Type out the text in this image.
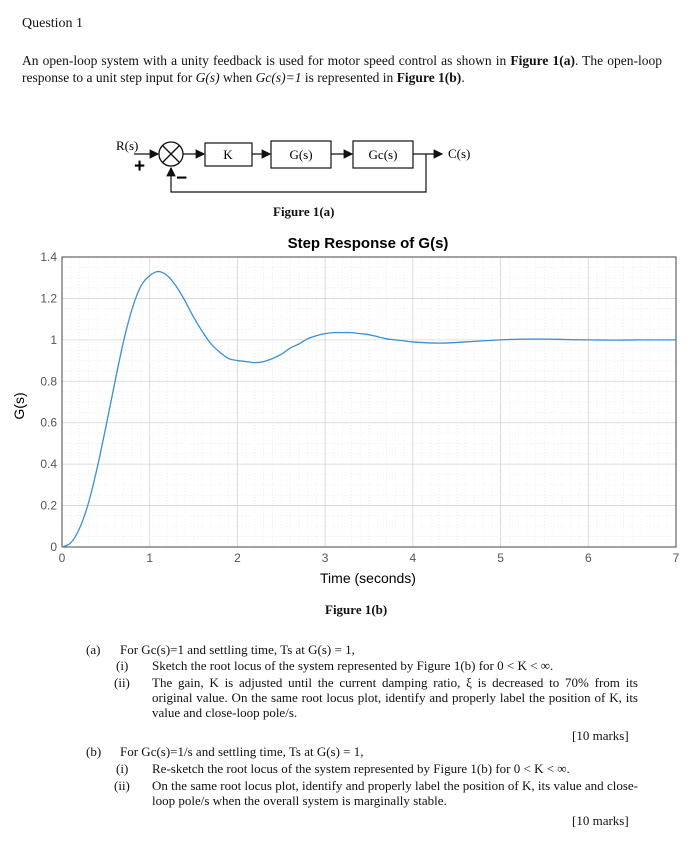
Question 1
An open-loop system with a unity feedback is used for motor speed control as shown in Figure 1(a). The open-loop response to a unit step input for G(s) when Gc(s)=1 is represented in Figure 1(b).
R(s)
+
−
K	G(s)	Gc(s)	C(s)
Figure 1(a)
Step Response of G(s)
0	1	2	3	4	5	6	7
0
0.2
0.4
0.6
0.8
1
1.2
1.4
Time (seconds)
G(s)
Figure 1(b)
(a) For Gc(s)=1 and settling time, Ts at G(s) = 1,
(i) Sketch the root locus of the system represented by Figure 1(b) for 0 < K < ∞.
(ii) The gain, K is adjusted until the current damping ratio, ξ is decreased to 70% from its original value. On the same root locus plot, identify and properly label the position of K, its value and close-loop pole/s.
[10 marks]
(b) For Gc(s)=1/s and settling time, Ts at G(s) = 1,
(i) Re-sketch the root locus of the system represented by Figure 1(b) for 0 < K < ∞.
(ii) On the same root locus plot, identify and properly label the position of K, its value and close-loop pole/s when the overall system is marginally stable.
[10 marks]
